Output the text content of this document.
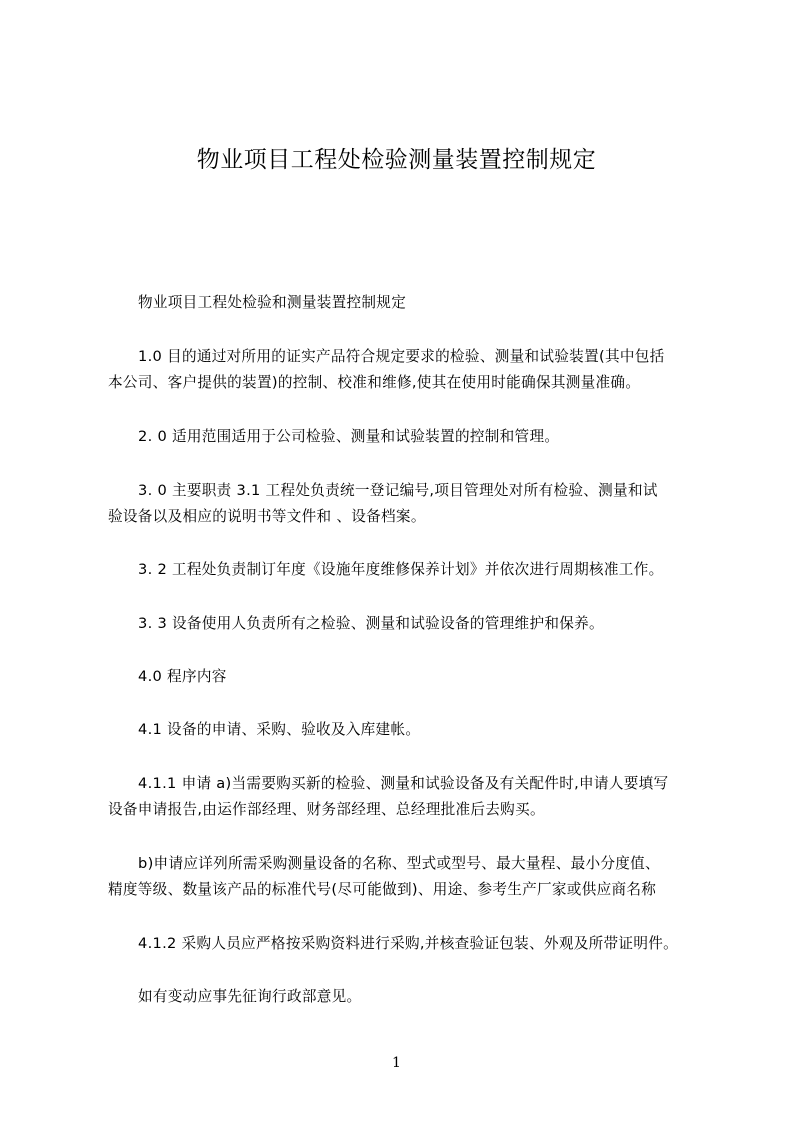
物业项目工程处检验测量装置控制规定
物业项目工程处检验和测量装置控制规定
1.0 目的通过对所用的证实产品符合规定要求的检验、测量和试验装置(其中包括
本公司、客户提供的装置)的控制、校准和维修,使其在使用时能确保其测量准确。
2. 0 适用范围适用于公司检验、测量和试验装置的控制和管理。
3. 0 主要职责 3.1 工程处负责统一登记编号,项目管理处对所有检验、测量和试
验设备以及相应的说明书等文件和 、设备档案。
3. 2 工程处负责制订年度《设施年度维修保养计划》并依次进行周期核准工作。
3. 3 设备使用人负责所有之检验、测量和试验设备的管理维护和保养。
4.0 程序内容
4.1 设备的申请、采购、验收及入库建帐。
4.1.1 申请 a)当需要购买新的检验、测量和试验设备及有关配件时,申请人要填写
设备申请报告,由运作部经理、财务部经理、总经理批准后去购买。
b)申请应详列所需采购测量设备的名称、型式或型号、最大量程、最小分度值、
精度等级、数量该产品的标准代号(尽可能做到)、用途、参考生产厂家或供应商名称
4.1.2 采购人员应严格按采购资料进行采购,并核查验证包装、外观及所带证明件。
如有变动应事先征询行政部意见。
1
